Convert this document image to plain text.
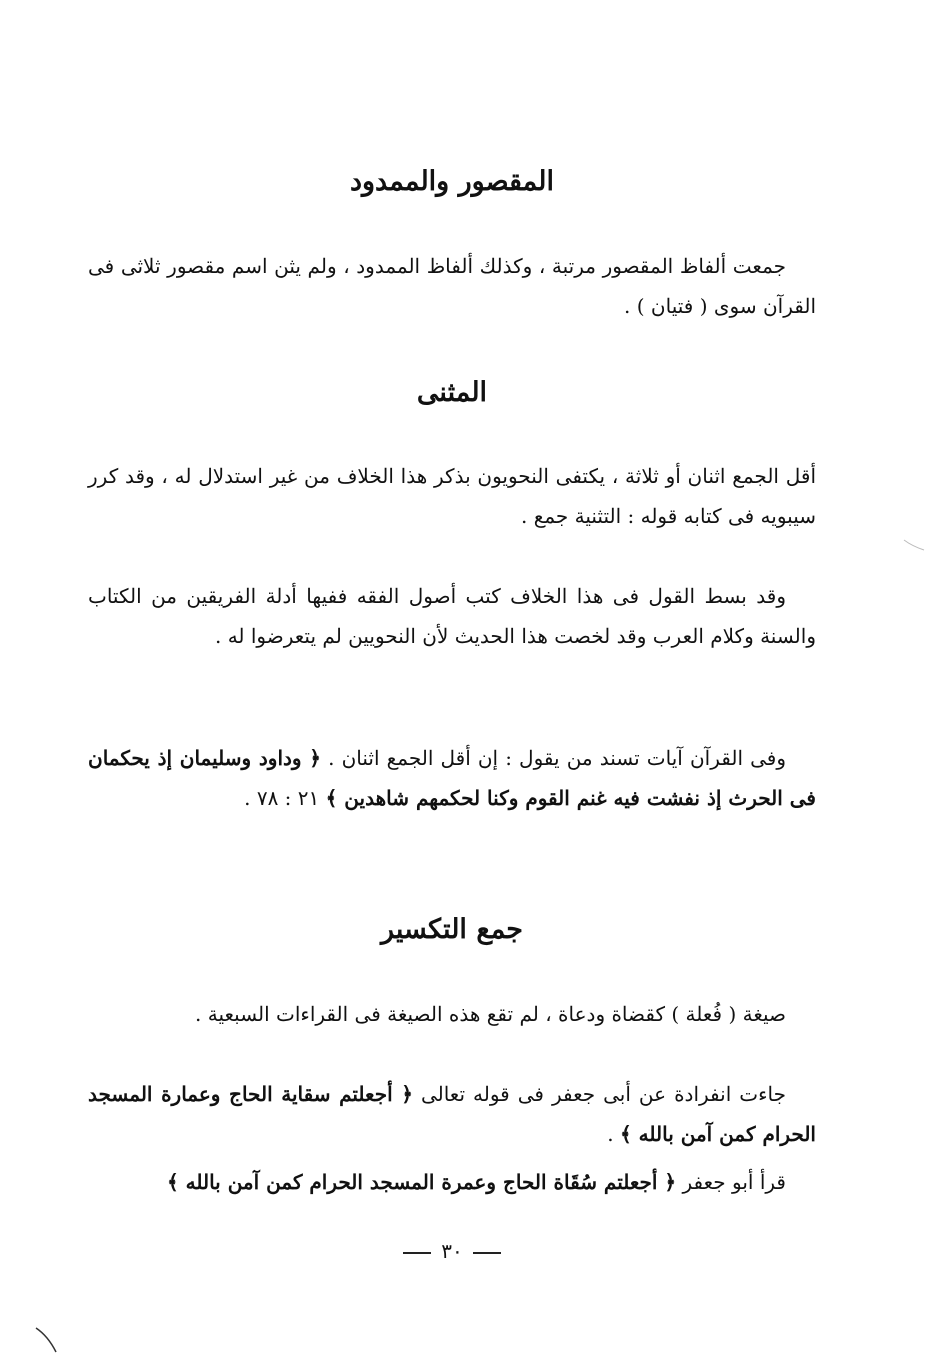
المقصور والممدود

جمعت ألفاظ المقصور مرتبة ، وكذلك ألفاظ الممدود ، ولم يثن اسم مقصور ثلاثى فى القرآن سوى ( فتيان ) .

المثنى

أقل الجمع اثنان أو ثلاثة ، يكتفى النحويون بذكر هذا الخلاف من غير استدلال له ، وقد كرر سيبويه فى كتابه قوله : التثنية جمع .

وقد بسط القول فى هذا الخلاف كتب أصول الفقه ففيها أدلة الفريقين من الكتاب والسنة وكلام العرب وقد لخصت هذا الحديث لأن النحويين لم يتعرضوا له .

وفى القرآن آيات تسند من يقول : إن أقل الجمع اثنان . ﴿ وداود وسليمان إذ يحكمان فى الحرث إذ نفشت فيه غنم القوم وكنا لحكمهم شاهدين ﴾ ٢١ : ٧٨ .

جمع التكسير

صيغة ( فُعلة ) كقضاة ودعاة ، لم تقع هذه الصيغة فى القراءات السبعية .

جاءت انفرادة عن أبى جعفر فى قوله تعالى ﴿ أجعلتم سقاية الحاج وعمارة المسجد الحرام كمن آمن بالله ﴾ .

قرأ أبو جعفر ﴿ أجعلتم سُقَاة الحاج وعمرة المسجد الحرام كمن آمن بالله ﴾

٣٠
